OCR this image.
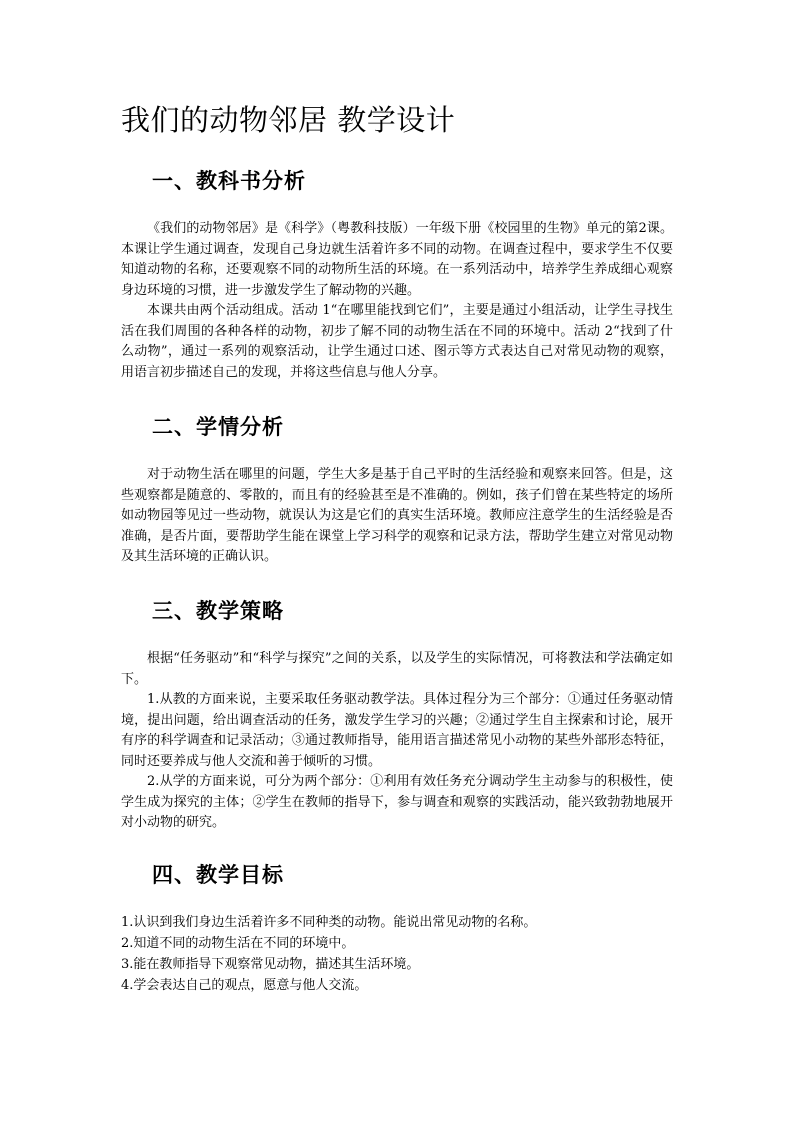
我们的动物邻居 教学设计
一、教科书分析

《我们的动物邻居》是《科学》（粤教科技版）一年级下册《校园里的生物》单元的第2课。本课让学生通过调查，发现自己身边就生活着许多不同的动物。在调查过程中，要求学生不仅要知道动物的名称，还要观察不同的动物所生活的环境。在一系列活动中，培养学生养成细心观察身边环境的习惯，进一步激发学生了解动物的兴趣。

本课共由两个活动组成。活动 1“在哪里能找到它们”，主要是通过小组活动，让学生寻找生活在我们周围的各种各样的动物，初步了解不同的动物生活在不同的环境中。活动 2“找到了什么动物”，通过一系列的观察活动，让学生通过口述、图示等方式表达自己对常见动物的观察，用语言初步描述自己的发现，并将这些信息与他人分享。

二、学情分析

对于动物生活在哪里的问题，学生大多是基于自己平时的生活经验和观察来回答。但是，这些观察都是随意的、零散的，而且有的经验甚至是不准确的。例如，孩子们曾在某些特定的场所如动物园等见过一些动物，就误认为这是它们的真实生活环境。教师应注意学生的生活经验是否准确，是否片面，要帮助学生能在课堂上学习科学的观察和记录方法，帮助学生建立对常见动物及其生活环境的正确认识。

三、教学策略

根据“任务驱动”和“科学与探究”之间的关系，以及学生的实际情况，可将教法和学法确定如下。

1.从教的方面来说，主要采取任务驱动教学法。具体过程分为三个部分：①通过任务驱动情境，提出问题，给出调查活动的任务，激发学生学习的兴趣；②通过学生自主探索和讨论，展开有序的科学调查和记录活动；③通过教师指导，能用语言描述常见小动物的某些外部形态特征，同时还要养成与他人交流和善于倾听的习惯。

2.从学的方面来说，可分为两个部分：①利用有效任务充分调动学生主动参与的积极性，使学生成为探究的主体；②学生在教师的指导下，参与调查和观察的实践活动，能兴致勃勃地展开对小动物的研究。

四、教学目标

1.认识到我们身边生活着许多不同种类的动物。能说出常见动物的名称。

2.知道不同的动物生活在不同的环境中。

3.能在教师指导下观察常见动物，描述其生活环境。

4.学会表达自己的观点，愿意与他人交流。
